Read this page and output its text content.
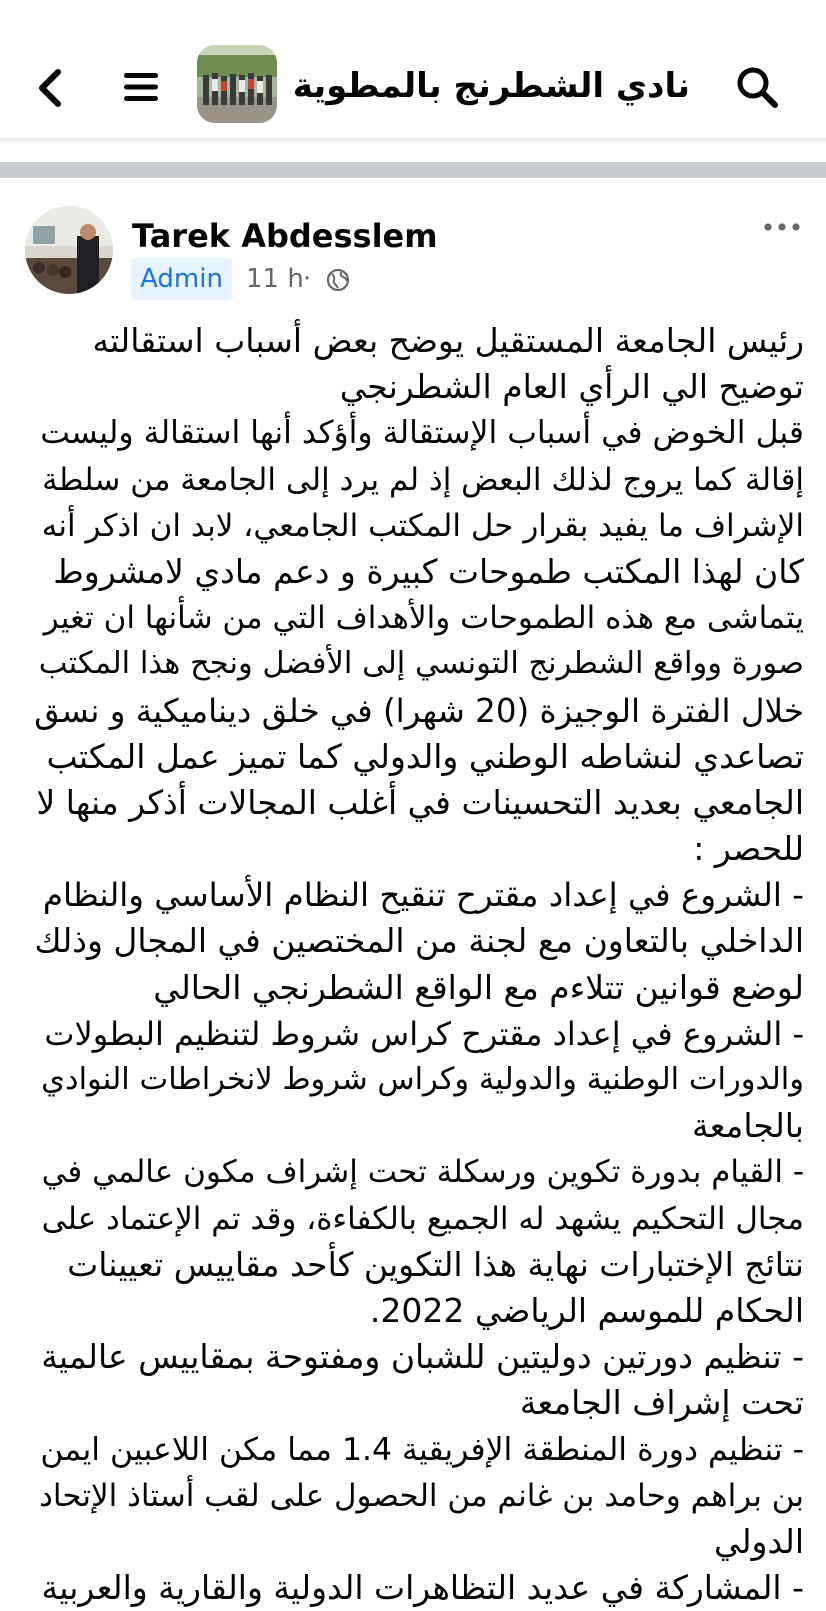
نادي الشطرنج بالمطوية
Tarek Abdesslem
Admin 11 h ·
رئيس الجامعة المستقيل يوضح بعض أسباب استقالته
توضيح الي الرأي العام الشطرنجي
قبل الخوض في أسباب الإستقالة وأؤكد أنها استقالة وليست
إقالة كما يروج لذلك البعض إذ لم يرد إلى الجامعة من سلطة
الإشراف ما يفيد بقرار حل المكتب الجامعي، لابد ان اذكر أنه
كان لهذا المكتب طموحات كبيرة و دعم مادي لامشروط
يتماشى مع هذه الطموحات والأهداف التي من شأنها ان تغير
صورة وواقع الشطرنج التونسي إلى الأفضل ونجح هذا المكتب
خلال الفترة الوجيزة (20 شهرا) في خلق ديناميكية و نسق
تصاعدي لنشاطه الوطني والدولي كما تميز عمل المكتب
الجامعي بعديد التحسينات في أغلب المجالات أذكر منها لا
للحصر :
- الشروع في إعداد مقترح تنقيح النظام الأساسي والنظام
الداخلي بالتعاون مع لجنة من المختصين في المجال وذلك
لوضع قوانين تتلاءم مع الواقع الشطرنجي الحالي
- الشروع في إعداد مقترح كراس شروط لتنظيم البطولات
والدورات الوطنية والدولية وكراس شروط لانخراطات النوادي
بالجامعة
- القيام بدورة تكوين ورسكلة تحت إشراف مكون عالمي في
مجال التحكيم يشهد له الجميع بالكفاءة، وقد تم الإعتماد على
نتائج الإختبارات نهاية هذا التكوين كأحد مقاييس تعيينات
الحكام للموسم الرياضي 2022.
- تنظيم دورتين دوليتين للشبان ومفتوحة بمقاييس عالمية
تحت إشراف الجامعة
- تنظيم دورة المنطقة الإفريقية 1.4 مما مكن اللاعبين ايمن
بن براهم وحامد بن غانم من الحصول على لقب أستاذ الإتحاد
الدولي
- المشاركة في عديد التظاهرات الدولية والقارية والعربية
